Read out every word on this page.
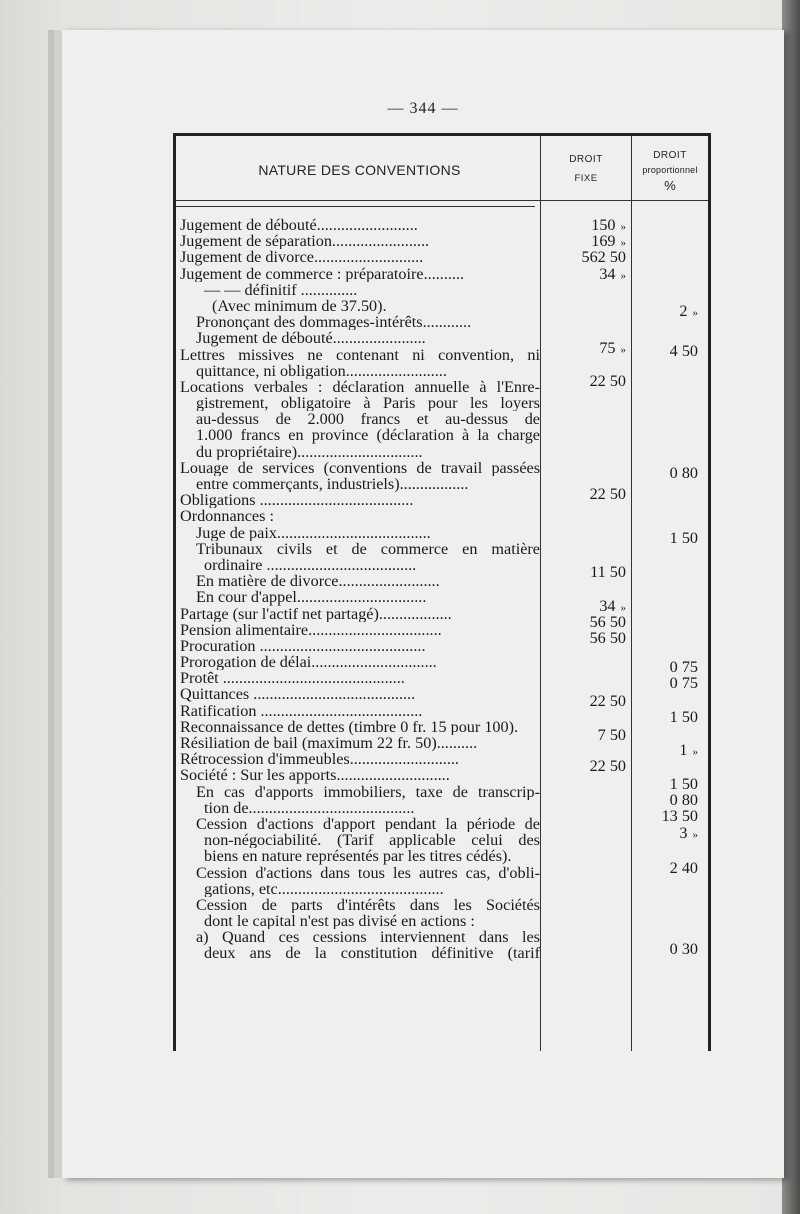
— 344 —
NATURE DES CONVENTIONS
DROIT
FIXE
DROIT
proportionnel
%
Jugement de débouté.........................
Jugement de séparation........................
Jugement de divorce...........................
Jugement de commerce : préparatoire..........
— — définitif ..............
(Avec minimum de 37.50).
Prononçant des dommages-intérêts............
Jugement de débouté.......................
Lettres missives ne contenant ni convention, ni
quittance, ni obligation.........................
Locations verbales : déclaration annuelle à l'Enre-
gistrement, obligatoire à Paris pour les loyers
au-dessus de 2.000 francs et au-dessus de
1.000 francs en province (déclaration à la charge
du propriétaire)...............................
Louage de services (conventions de travail passées
entre commerçants, industriels).................
Obligations ......................................
Ordonnances :
Juge de paix......................................
Tribunaux civils et de commerce en matière
ordinaire .....................................
En matière de divorce.........................
En cour d'appel................................
Partage (sur l'actif net partagé)..................
Pension alimentaire.................................
Procuration .........................................
Prorogation de délai...............................
Protêt .............................................
Quittances ........................................
Ratification ........................................
Reconnaissance de dettes (timbre 0 fr. 15 pour 100).
Résiliation de bail (maximum 22 fr. 50)..........
Rétrocession d'immeubles...........................
Société : Sur les apports............................
En cas d'apports immobiliers, taxe de transcrip-
tion de.........................................
Cession d'actions d'apport pendant la période de
non-négociabilité. (Tarif applicable celui des
biens en nature représentés par les titres cédés).
Cession d'actions dans tous les autres cas, d'obli-
gations, etc.........................................
Cession de parts d'intérêts dans les Sociétés
dont le capital n'est pas divisé en actions :
a) Quand ces cessions interviennent dans les
deux ans de la constitution définitive (tarif
150 »
169 »
562 50
34 »
75 »
22 50
22 50
11 50
34 »
56 50
56 50
22 50
7 50
22 50
2 »
4 50
0 80
1 50
0 75
0 75
1 50
1 »
1 50
0 80
13 50
3 »
2 40
0 30
